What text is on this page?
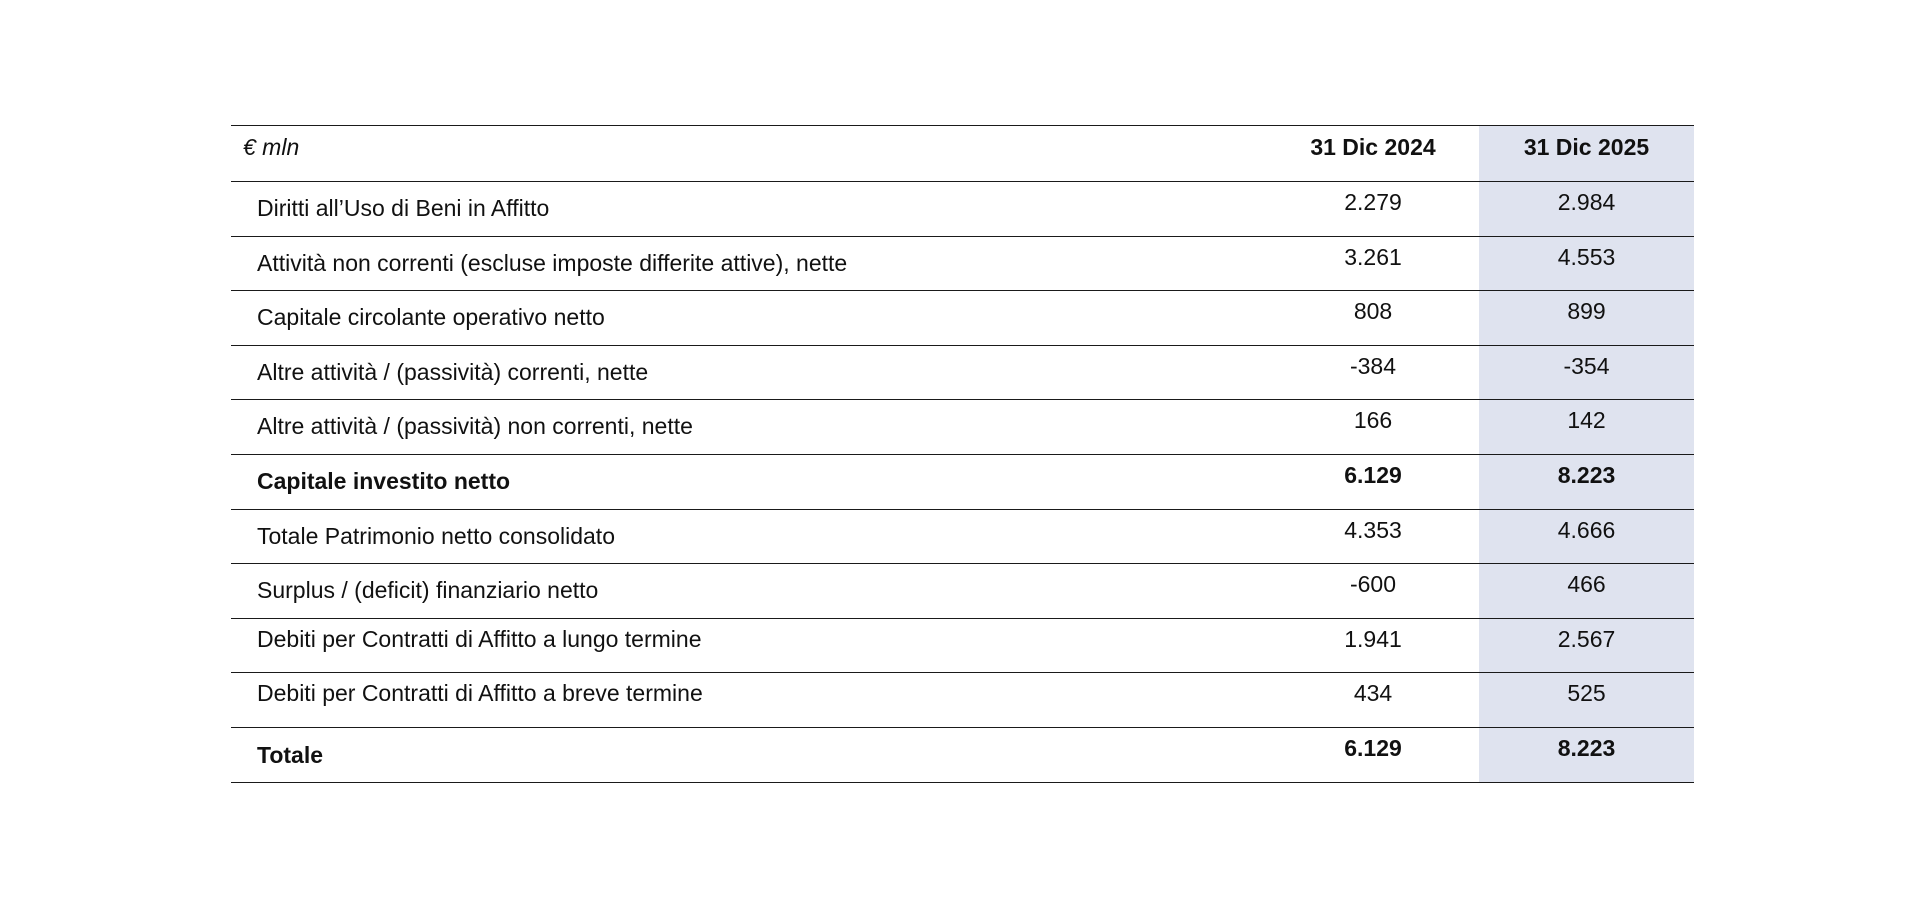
€ mln	31 Dic 2024	31 Dic 2025
Diritti all’Uso di Beni in Affitto	2.279	2.984
Attività non correnti (escluse imposte differite attive), nette	3.261	4.553
Capitale circolante operativo netto	808	899
Altre attività / (passività) correnti, nette	-384	-354
Altre attività / (passività) non correnti, nette	166	142
Capitale investito netto	6.129	8.223
Totale Patrimonio netto consolidato	4.353	4.666
Surplus / (deficit) finanziario netto	-600	466
Debiti per Contratti di Affitto a lungo termine	1.941	2.567
Debiti per Contratti di Affitto a breve termine	434	525
Totale	6.129	8.223
